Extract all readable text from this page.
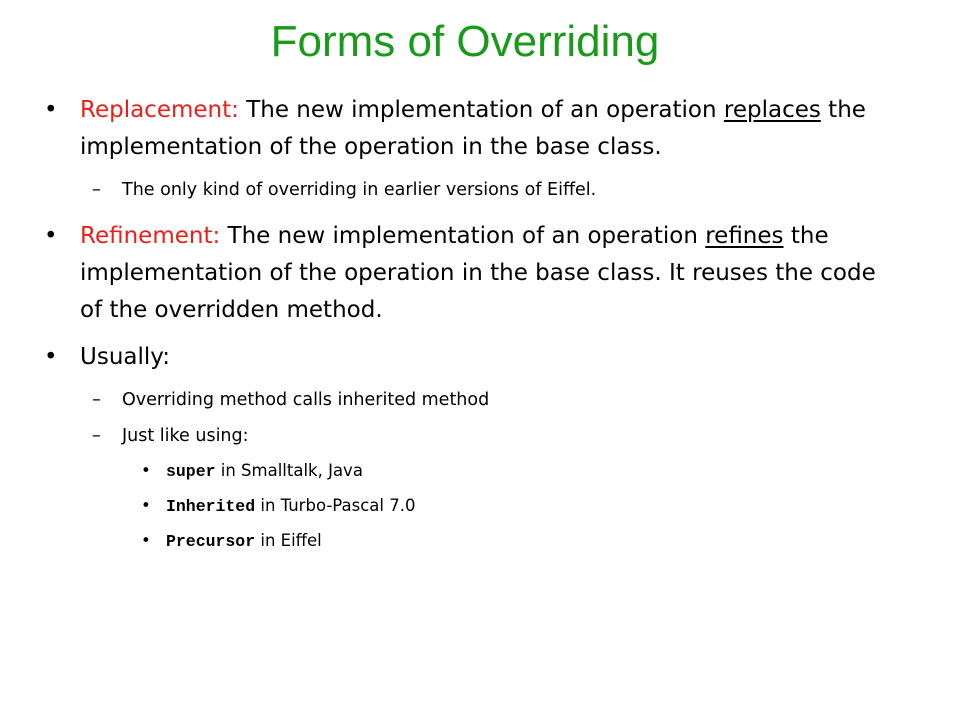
Forms of Overriding
• Replacement: The new implementation of an operation replaces the implementation of the operation in the base class.
– The only kind of overriding in earlier versions of Eiffel.
• Refinement: The new implementation of an operation refines the implementation of the operation in the base class. It reuses the code of the overridden method.
• Usually:
– Overriding method calls inherited method
– Just like using:
• super in Smalltalk, Java
• Inherited in Turbo-Pascal 7.0
• Precursor in Eiffel
